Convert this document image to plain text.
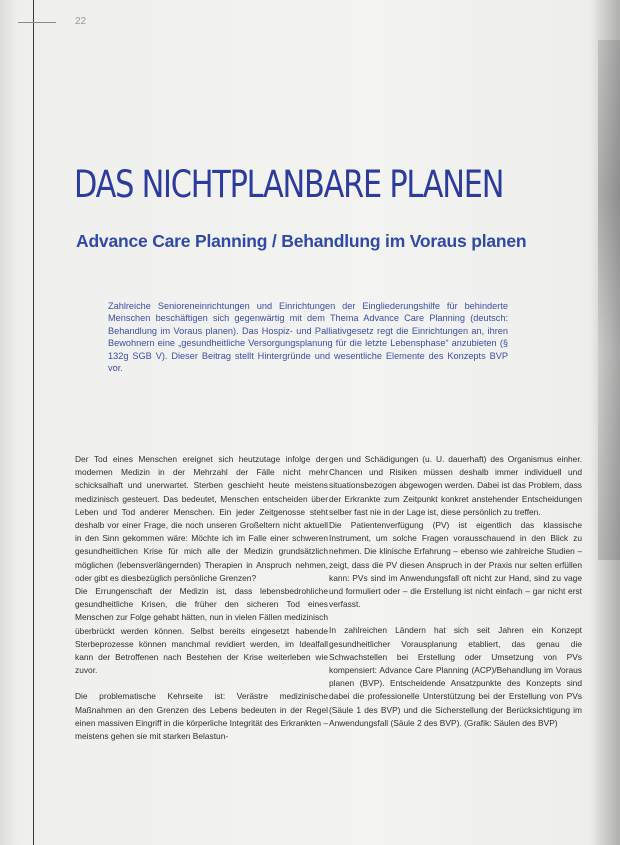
22
DAS NICHTPLANBARE PLANEN
Advance Care Planning / Behandlung im Voraus planen

Zahlreiche Senioreneinrichtungen und Einrichtungen der Eingliederungshilfe für behinderte Menschen beschäftigen sich gegenwärtig mit dem Thema Advance Care Planning (deutsch: Behandlung im Voraus planen). Das Hospiz- und Palliativgesetz regt die Einrichtungen an, ihren Bewohnern eine „gesundheitliche Versorgungsplanung für die letzte Lebensphase“ anzubieten (§ 132g SGB V). Dieser Beitrag stellt Hintergründe und wesentliche Elemente des Konzepts BVP vor.

Der Tod eines Menschen ereignet sich heutzutage infolge der modernen Medizin in der Mehrzahl der Fälle nicht mehr schicksalhaft und unerwartet. Sterben geschieht heute meistens medizinisch gesteuert. Das bedeutet, Menschen entscheiden über Leben und Tod anderer Menschen. Ein jeder Zeitgenosse steht deshalb vor einer Frage, die noch unseren Großeltern nicht aktuell in den Sinn gekommen wäre: Möchte ich im Falle einer schweren gesundheitlichen Krise für mich alle der Medizin grundsätzlich möglichen (lebensverlängernden) Therapien in Anspruch nehmen, oder gibt es diesbezüglich persönliche Grenzen?

Die Errungenschaft der Medizin ist, dass lebensbedrohliche gesundheitliche Krisen, die früher den sicheren Tod eines Menschen zur Folge gehabt hätten, nun in vielen Fällen medizinisch überbrückt werden können. Selbst bereits eingesetzt habende Sterbeprozesse können manchmal revidiert werden, im Idealfall kann der Betroffenen nach Bestehen der Krise weiterleben wie zuvor.

Die problematische Kehrseite ist: Verästre medizinische Maßnahmen an den Grenzen des Lebens bedeuten in der Regel einen massiven Eingriff in die körperliche Integrität des Erkrankten – meistens gehen sie mit starken Belastun-

gen und Schädigungen (u. U. dauerhaft) des Organismus einher. Chancen und Risiken müssen deshalb immer individuell und situationsbezogen abgewogen werden. Dabei ist das Problem, dass der Erkrankte zum Zeitpunkt konkret anstehender Entscheidungen selber fast nie in der Lage ist, diese persönlich zu treffen.

Die Patientenverfügung (PV) ist eigentlich das klassische Instrument, um solche Fragen vorausschauend in den Blick zu nehmen. Die klinische Erfahrung – ebenso wie zahlreiche Studien – zeigt, dass die PV diesen Anspruch in der Praxis nur selten erfüllen kann: PVs sind im Anwendungsfall oft nicht zur Hand, sind zu vage und formuliert oder – die Erstellung ist nicht einfach – gar nicht erst verfasst.

In zahlreichen Ländern hat sich seit Jahren ein Konzept gesundheitlicher Vorausplanung etabliert, das genau die Schwachstellen bei Erstellung oder Umsetzung von PVs kompensiert: Advance Care Planning (ACP)/Behandlung im Voraus planen (BVP). Entscheidende Ansatzpunkte des Konzepts sind dabei die professionelle Unterstützung bei der Erstellung von PVs (Säule 1 des BVP) und die Sicherstellung der Berücksichtigung im Anwendungsfall (Säule 2 des BVP). (Grafik: Säulen des BVP)
